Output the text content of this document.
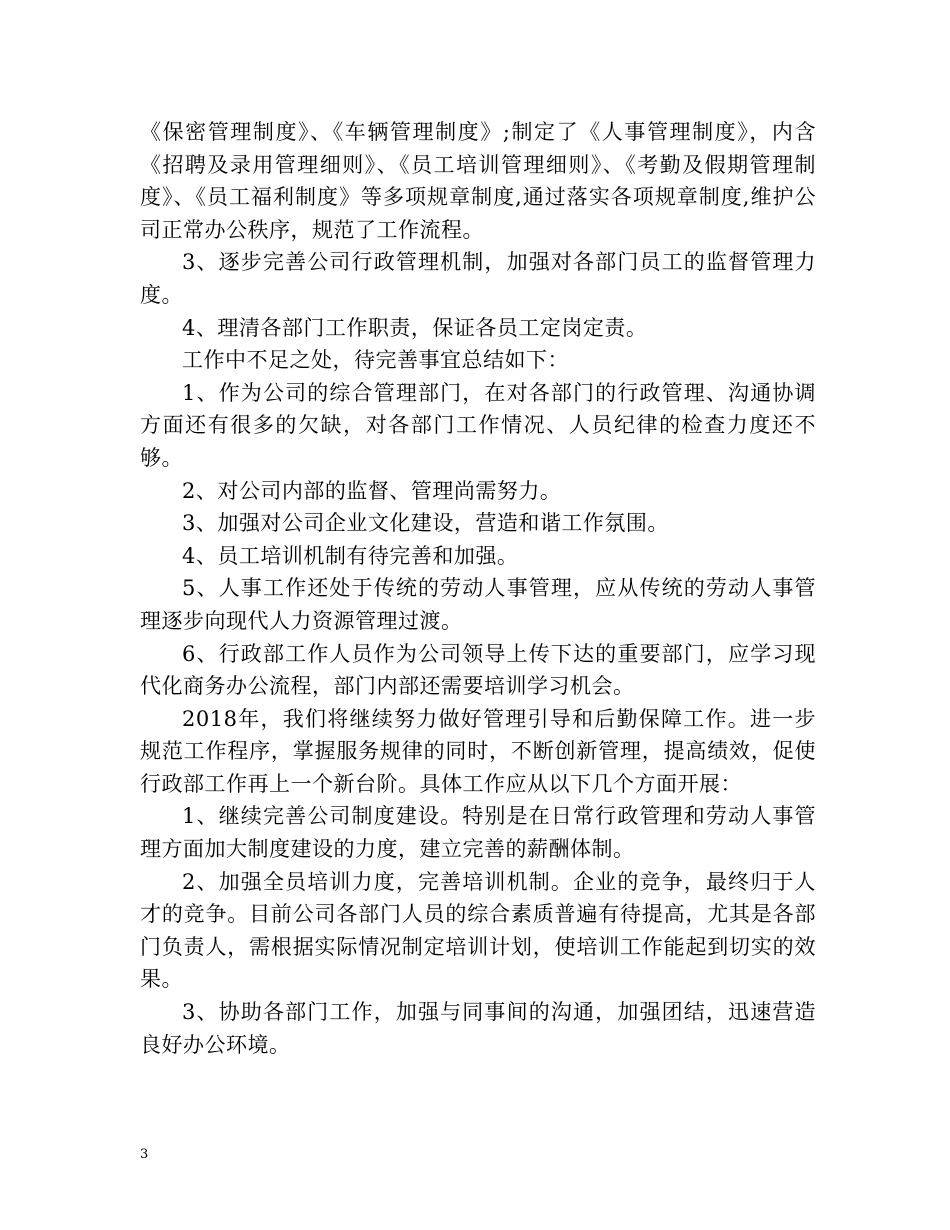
《保密管理制度》、《车辆管理制度》;制定了《人事管理制度》，内含《招聘及录用管理细则》、《员工培训管理细则》、《考勤及假期管理制度》、《员工福利制度》等多项规章制度,通过落实各项规章制度,维护公司正常办公秩序，规范了工作流程。

3、逐步完善公司行政管理机制，加强对各部门员工的监督管理力度。

4、理清各部门工作职责，保证各员工定岗定责。

工作中不足之处，待完善事宜总结如下：

1、作为公司的综合管理部门，在对各部门的行政管理、沟通协调方面还有很多的欠缺，对各部门工作情况、人员纪律的检查力度还不够。

2、对公司内部的监督、管理尚需努力。

3、加强对公司企业文化建设，营造和谐工作氛围。

4、员工培训机制有待完善和加强。

5、人事工作还处于传统的劳动人事管理，应从传统的劳动人事管理逐步向现代人力资源管理过渡。

6、行政部工作人员作为公司领导上传下达的重要部门，应学习现代化商务办公流程，部门内部还需要培训学习机会。

2018年，我们将继续努力做好管理引导和后勤保障工作。进一步规范工作程序，掌握服务规律的同时，不断创新管理，提高绩效，促使行政部工作再上一个新台阶。具体工作应从以下几个方面开展：

1、继续完善公司制度建设。特别是在日常行政管理和劳动人事管理方面加大制度建设的力度，建立完善的薪酬体制。

2、加强全员培训力度，完善培训机制。企业的竞争，最终归于人才的竞争。目前公司各部门人员的综合素质普遍有待提高，尤其是各部门负责人，需根据实际情况制定培训计划，使培训工作能起到切实的效果。

3、协助各部门工作，加强与同事间的沟通，加强团结，迅速营造良好办公环境。

3
